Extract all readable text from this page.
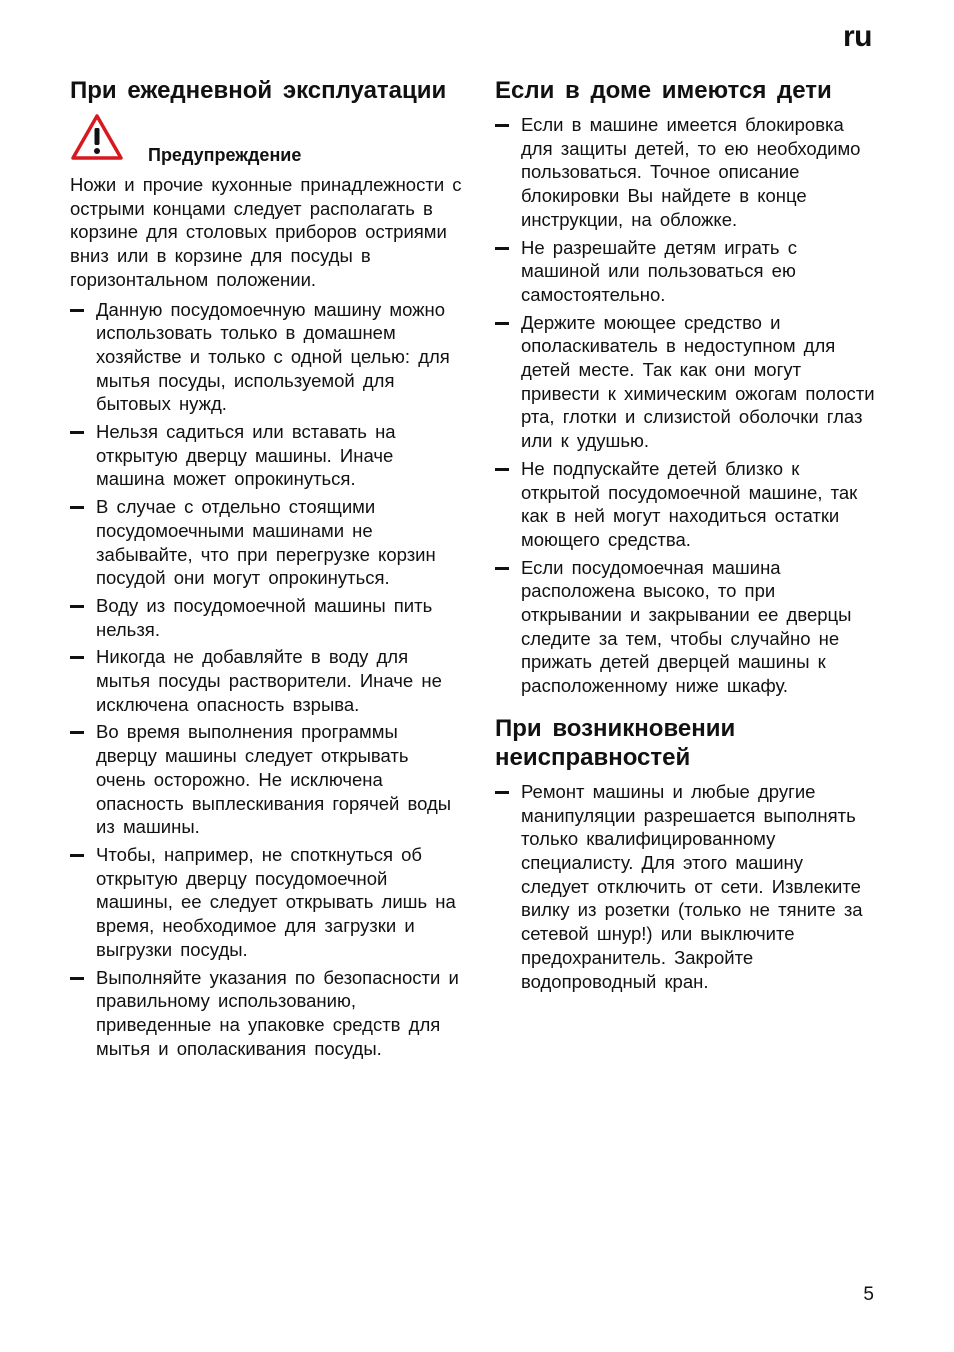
ru
При ежедневной эксплуатации
Предупреждение

Ножи и прочие кухонные принадлежности с острыми концами следует располагать в корзине для столовых приборов остриями вниз или в корзине для посуды в горизонтальном положении.

Данную посудомоечную машину можно использовать только в домашнем хозяйстве и только с одной целью: для мытья посуды, используемой для бытовых нужд.
Нельзя садиться или вставать на открытую дверцу машины. Иначе машина может опрокинуться.
В случае с отдельно стоящими посудомоечными машинами не забывайте, что при перегрузке корзин посудой они могут опрокинуться.
Воду из посудомоечной машины пить нельзя.
Никогда не добавляйте в воду для мытья посуды растворители. Иначе не исключена опасность взрыва.
Во время выполнения программы дверцу машины следует открывать очень осторожно. Не исключена опасность выплескивания горячей воды из машины.
Чтобы, например, не споткнуться об открытую дверцу посудомоечной машины, ее следует открывать лишь на время, необходимое для загрузки и выгрузки посуды.
Выполняйте указания по безопасности и правильному использованию, приведенные на упаковке средств для мытья и ополаскивания посуды.
Если в доме имеются дети
Если в машине имеется блокировка для защиты детей, то ею необходимо пользоваться. Точное описание блокировки Вы найдете в конце инструкции, на обложке.
Не разрешайте детям играть с машиной или пользоваться ею самостоятельно.
Держите моющее средство и ополаскиватель в недоступном для детей месте. Так как они могут привести к химическим ожогам полости рта, глотки и слизистой оболочки глаз или к удушью.
Не подпускайте детей близко к открытой посудомоечной машине, так как в ней могут находиться остатки моющего средства.
Если посудомоечная машина расположена высоко, то при открывании и закрывании ее дверцы следите за тем, чтобы случайно не прижать детей дверцей машины к расположенному ниже шкафу.
При возникновении неисправностей
Ремонт машины и любые другие манипуляции разрешается выполнять только квалифицированному специалисту. Для этого машину следует отключить от сети. Извлеките вилку из розетки (только не тяните за сетевой шнур!) или выключите предохранитель. Закройте водопроводный кран.
5
